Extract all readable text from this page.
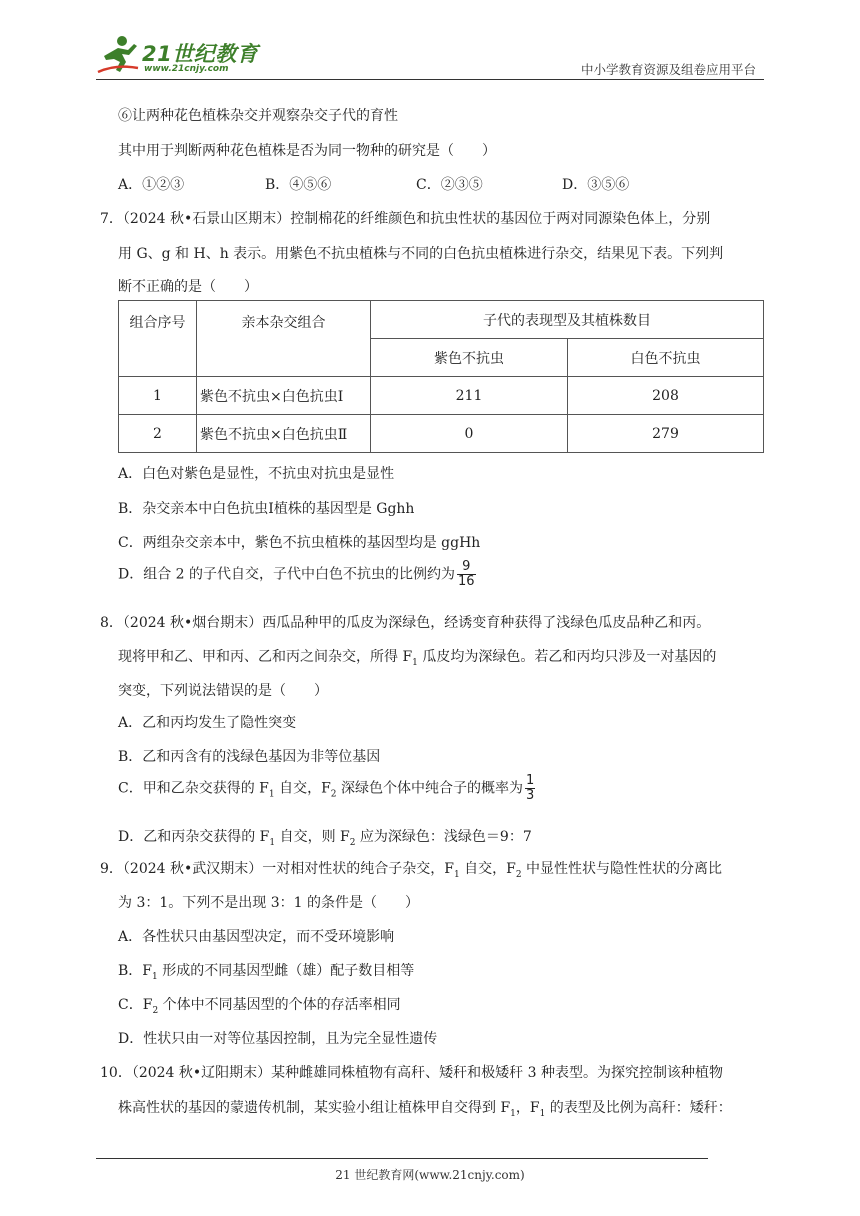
21世纪教育
www.21cnjy.com	中小学教育资源及组卷应用平台
⑥让两种花色植株杂交并观察杂交子代的育性
其中用于判断两种花色植株是否为同一物种的研究是（　　）
A．①②③	B．④⑤⑥	C．②③⑤	D．③⑤⑥
7．（2024 秋•石景山区期末）控制棉花的纤维颜色和抗虫性状的基因位于两对同源染色体上，分别
用 G、g 和 H、h 表示。用紫色不抗虫植株与不同的白色抗虫植株进行杂交，结果见下表。下列判
断不正确的是（　　）
组合序号	亲本杂交组合	子代的表现型及其植株数目	
		紫色不抗虫	白色不抗虫
1	紫色不抗虫×白色抗虫Ⅰ	211	208
2	紫色不抗虫×白色抗虫Ⅱ	0	279
A．白色对紫色是显性，不抗虫对抗虫是显性
B．杂交亲本中白色抗虫Ⅰ植株的基因型是 Gghh
C．两组杂交亲本中，紫色不抗虫植株的基因型均是 ggHh
D．组合 2 的子代自交，子代中白色不抗虫的比例约为 $\frac{9}{16}$
8．（2024 秋•烟台期末）西瓜品种甲的瓜皮为深绿色，经诱变育种获得了浅绿色瓜皮品种乙和丙。
现将甲和乙、甲和丙、乙和丙之间杂交，所得 $F_1$ 瓜皮均为深绿色。若乙和丙均只涉及一对基因的
突变，下列说法错误的是（　　）
A．乙和丙均发生了隐性突变
B．乙和丙含有的浅绿色基因为非等位基因
C．甲和乙杂交获得的 $F_1$ 自交，$F_2$ 深绿色个体中纯合子的概率为 $\frac{1}{3}$
D．乙和丙杂交获得的 $F_1$ 自交，则 $F_2$ 应为深绿色：浅绿色＝9：7
9．（2024 秋•武汉期末）一对相对性状的纯合子杂交，$F_1$ 自交，$F_2$ 中显性性状与隐性性状的分离比
为 3：1。下列不是出现 3：1 的条件是（　　）
A．各性状只由基因型决定，而不受环境影响
B．$F_1$ 形成的不同基因型雌（雄）配子数目相等
C．$F_2$ 个体中不同基因型的个体的存活率相同
D．性状只由一对等位基因控制，且为完全显性遗传
10．（2024 秋•辽阳期末）某种雌雄同株植物有高秆、矮秆和极矮秆 3 种表型。为探究控制该种植物
株高性状的基因的蒙遗传机制，某实验小组让植株甲自交得到 $F_1$，$F_1$ 的表型及比例为高秆：矮秆：
21 世纪教育网(www.21cnjy.com)
